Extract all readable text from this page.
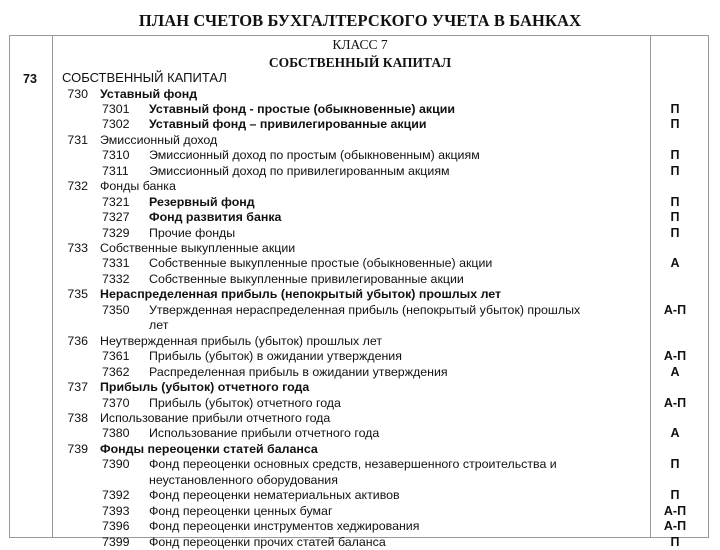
ПЛАН СЧЕТОВ БУХГАЛТЕРСКОГО УЧЕТА В БАНКАХ
КЛАСС 7
СОБСТВЕННЫЙ КАПИТАЛ
73 СОБСТВЕННЫЙ КАПИТАЛ
730 Уставный фонд
7301	Уставный фонд - простые (обыкновенные) акции	П
7302	Уставный фонд – привилегированные акции	П
731 Эмиссионный доход
7310	Эмиссионный доход по простым (обыкновенным) акциям	П
7311	Эмиссионный доход по привилегированным акциям	П
732 Фонды банка
7321	Резервный фонд	П
7327	Фонд развития банка	П
7329	Прочие фонды	П
733 Собственные выкупленные акции
7331	Собственные выкупленные простые (обыкновенные) акции	А
7332	Собственные выкупленные привилегированные акции
735 Нераспределенная прибыль (непокрытый убыток) прошлых лет
7350	Утвержденная нераспределенная прибыль (непокрытый убыток) прошлых	А-П
лет
736 Неутвержденная прибыль (убыток) прошлых лет
7361	Прибыль (убыток) в ожидании утверждения	А-П
7362	Распределенная прибыль в ожидании утверждения	А
737 Прибыль (убыток) отчетного года
7370	Прибыль (убыток) отчетного года	А-П
738 Использование прибыли отчетного года
7380	Использование прибыли отчетного года	А
739 Фонды переоценки статей баланса
7390	Фонд переоценки основных средств, незавершенного строительства и	П
неустановленного оборудования
7392	Фонд переоценки нематериальных активов	П
7393	Фонд переоценки ценных бумаг	А-П
7396	Фонд переоценки инструментов хеджирования	А-П
7399	Фонд переоценки прочих статей баланса	П
